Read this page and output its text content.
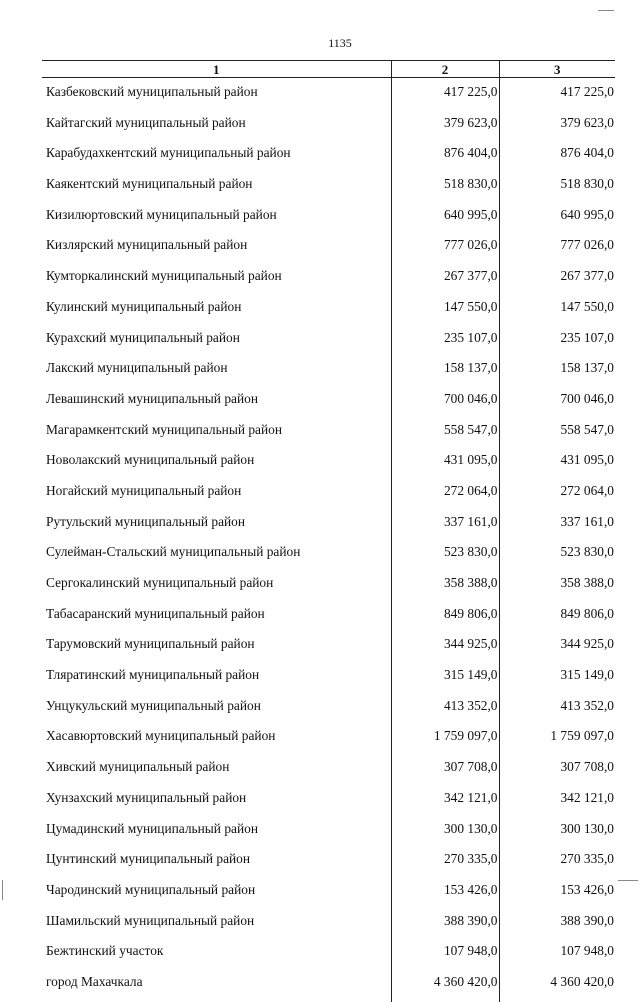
1135
1	2	3
Казбековский муниципальный район	417 225,0	417 225,0
Кайтагский муниципальный район	379 623,0	379 623,0
Карабудахкентский муниципальный район	876 404,0	876 404,0
Каякентский муниципальный район	518 830,0	518 830,0
Кизилюртовский муниципальный район	640 995,0	640 995,0
Кизлярский муниципальный район	777 026,0	777 026,0
Кумторкалинский муниципальный район	267 377,0	267 377,0
Кулинский муниципальный район	147 550,0	147 550,0
Курахский муниципальный район	235 107,0	235 107,0
Лакский муниципальный район	158 137,0	158 137,0
Левашинский муниципальный район	700 046,0	700 046,0
Магарамкентский муниципальный район	558 547,0	558 547,0
Новолакский муниципальный район	431 095,0	431 095,0
Ногайский муниципальный район	272 064,0	272 064,0
Рутульский муниципальный район	337 161,0	337 161,0
Сулейман-Стальский муниципальный район	523 830,0	523 830,0
Сергокалинский муниципальный район	358 388,0	358 388,0
Табасаранский муниципальный район	849 806,0	849 806,0
Тарумовский муниципальный район	344 925,0	344 925,0
Тляратинский муниципальный район	315 149,0	315 149,0
Унцукульский муниципальный район	413 352,0	413 352,0
Хасавюртовский муниципальный район	1 759 097,0	1 759 097,0
Хивский муниципальный район	307 708,0	307 708,0
Хунзахский муниципальный район	342 121,0	342 121,0
Цумадинский муниципальный район	300 130,0	300 130,0
Цунтинский муниципальный район	270 335,0	270 335,0
Чародинский муниципальный район	153 426,0	153 426,0
Шамильский муниципальный район	388 390,0	388 390,0
Бежтинский участок	107 948,0	107 948,0
город Махачкала	4 360 420,0	4 360 420,0
